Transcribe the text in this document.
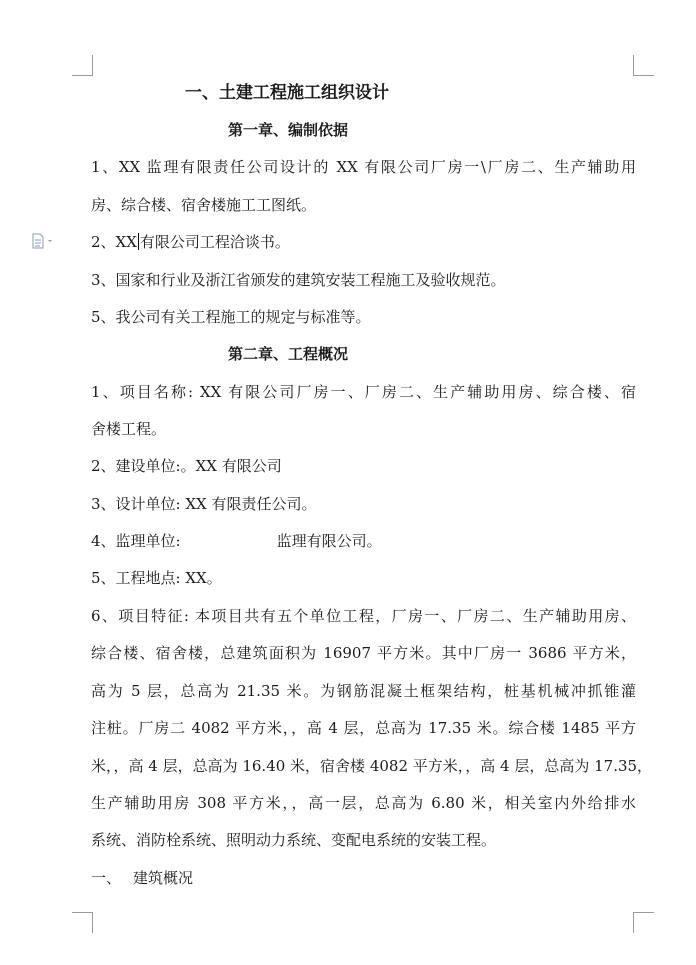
一、土建工程施工组织设计
第一章、编制依据
1、XX 监理有限责任公司设计的 XX 有限公司厂房一\厂房二、生产辅助用
房、综合楼、宿舍楼施工工图纸。
2、XX 有限公司工程洽谈书。
3、国家和行业及浙江省颁发的建筑安装工程施工及验收规范。
5、我公司有关工程施工的规定与标准等。
第二章、工程概况
1、项目名称: XX 有限公司厂房一、厂房二、生产辅助用房、综合楼、宿
舍楼工程。
2、建设单位:。XX 有限公司
3、设计单位: XX 有限责任公司。
4、监理单位:	监理有限公司。
5、工程地点: XX。
6、项目特征: 本项目共有五个单位工程，厂房一、厂房二、生产辅助用房、
综合楼、宿舍楼，总建筑面积为 16907 平方米。其中厂房一 3686 平方米，
高为 5 层，总高为 21.35 米。为钢筋混凝土框架结构，桩基机械冲抓锥灌
注桩。厂房二 4082 平方米，，高 4 层，总高为 17.35 米。综合楼 1485 平方
米，，高 4 层，总高为 16.40 米，宿舍楼 4082 平方米，，高 4 层，总高为 17.35，
生产辅助用房 308 平方米，，高一层，总高为 6.80 米，相关室内外给排水
系统、消防栓系统、照明动力系统、变配电系统的安装工程。
一、 建筑概况
